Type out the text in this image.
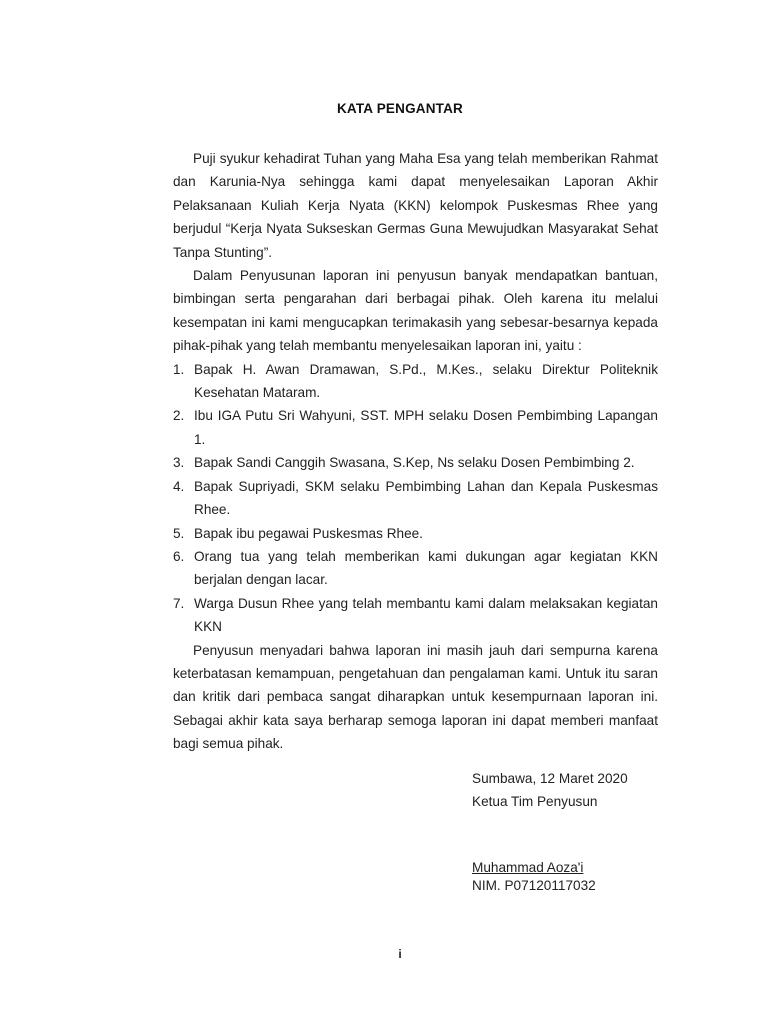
KATA PENGANTAR

Puji syukur kehadirat Tuhan yang Maha Esa yang telah memberikan Rahmat dan Karunia-Nya sehingga kami dapat menyelesaikan Laporan Akhir Pelaksanaan Kuliah Kerja Nyata (KKN) kelompok Puskesmas Rhee yang berjudul “Kerja Nyata Sukseskan Germas Guna Mewujudkan Masyarakat Sehat Tanpa Stunting”.

Dalam Penyusunan laporan ini penyusun banyak mendapatkan bantuan, bimbingan serta pengarahan dari berbagai pihak. Oleh karena itu melalui kesempatan ini kami mengucapkan terimakasih yang sebesar-besarnya kepada pihak-pihak yang telah membantu menyelesaikan laporan ini, yaitu :

1. Bapak H. Awan Dramawan, S.Pd., M.Kes., selaku Direktur Politeknik Kesehatan Mataram.
2. Ibu IGA Putu Sri Wahyuni, SST. MPH selaku Dosen Pembimbing Lapangan 1.
3. Bapak Sandi Canggih Swasana, S.Kep, Ns selaku Dosen Pembimbing 2.
4. Bapak Supriyadi, SKM selaku Pembimbing Lahan dan Kepala Puskesmas Rhee.
5. Bapak ibu pegawai Puskesmas Rhee.
6. Orang tua yang telah memberikan kami dukungan agar kegiatan KKN berjalan dengan lacar.
7. Warga Dusun Rhee yang telah membantu kami dalam melaksakan kegiatan KKN

Penyusun menyadari bahwa laporan ini masih jauh dari sempurna karena keterbatasan kemampuan, pengetahuan dan pengalaman kami. Untuk itu saran dan kritik dari pembaca sangat diharapkan untuk kesempurnaan laporan ini. Sebagai akhir kata saya berharap semoga laporan ini dapat memberi manfaat bagi semua pihak.

Sumbawa, 12 Maret 2020
Ketua Tim Penyusun
Muhammad Aoza'i
NIM. P07120117032
i
